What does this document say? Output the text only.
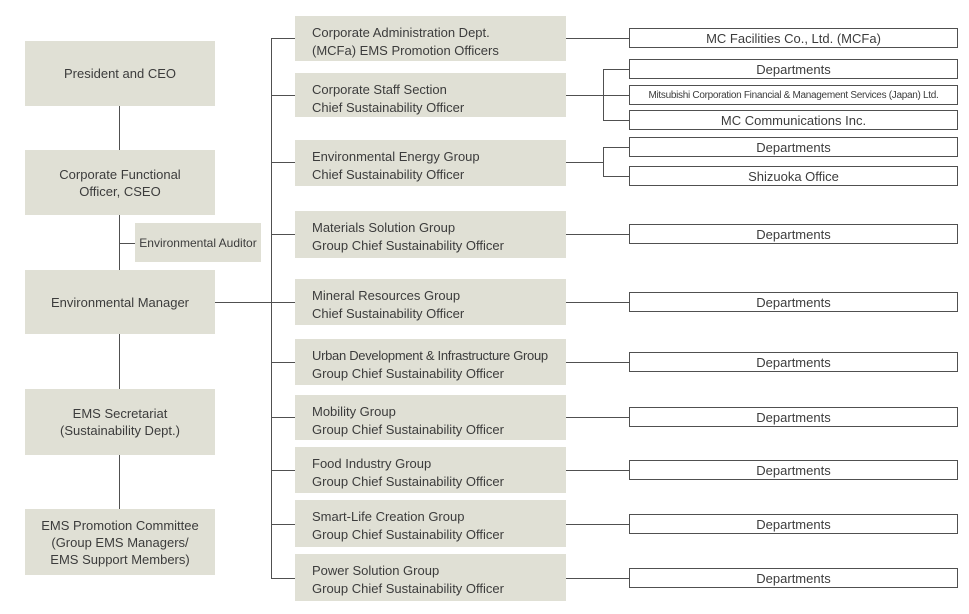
President and CEO
Corporate Functional
Officer, CSEO
Environmental Auditor
Environmental Manager
EMS Secretariat
(Sustainability Dept.)
EMS Promotion Committee
(Group EMS Managers/
EMS Support Members)
Corporate Administration Dept.
(MCFa) EMS Promotion Officers
Corporate Staff Section
Chief Sustainability Officer
Environmental Energy Group
Chief Sustainability Officer
Materials Solution Group
Group Chief Sustainability Officer
Mineral Resources Group
Chief Sustainability Officer
Urban Development & Infrastructure Group
Group Chief Sustainability Officer
Mobility Group
Group Chief Sustainability Officer
Food Industry Group
Group Chief Sustainability Officer
Smart-Life Creation Group
Group Chief Sustainability Officer
Power Solution Group
Group Chief Sustainability Officer
MC Facilities Co., Ltd. (MCFa)
Departments
Mitsubishi Corporation Financial & Management Services (Japan) Ltd.
MC Communications Inc.
Departments
Shizuoka Office
Departments
Departments
Departments
Departments
Departments
Departments
Departments
